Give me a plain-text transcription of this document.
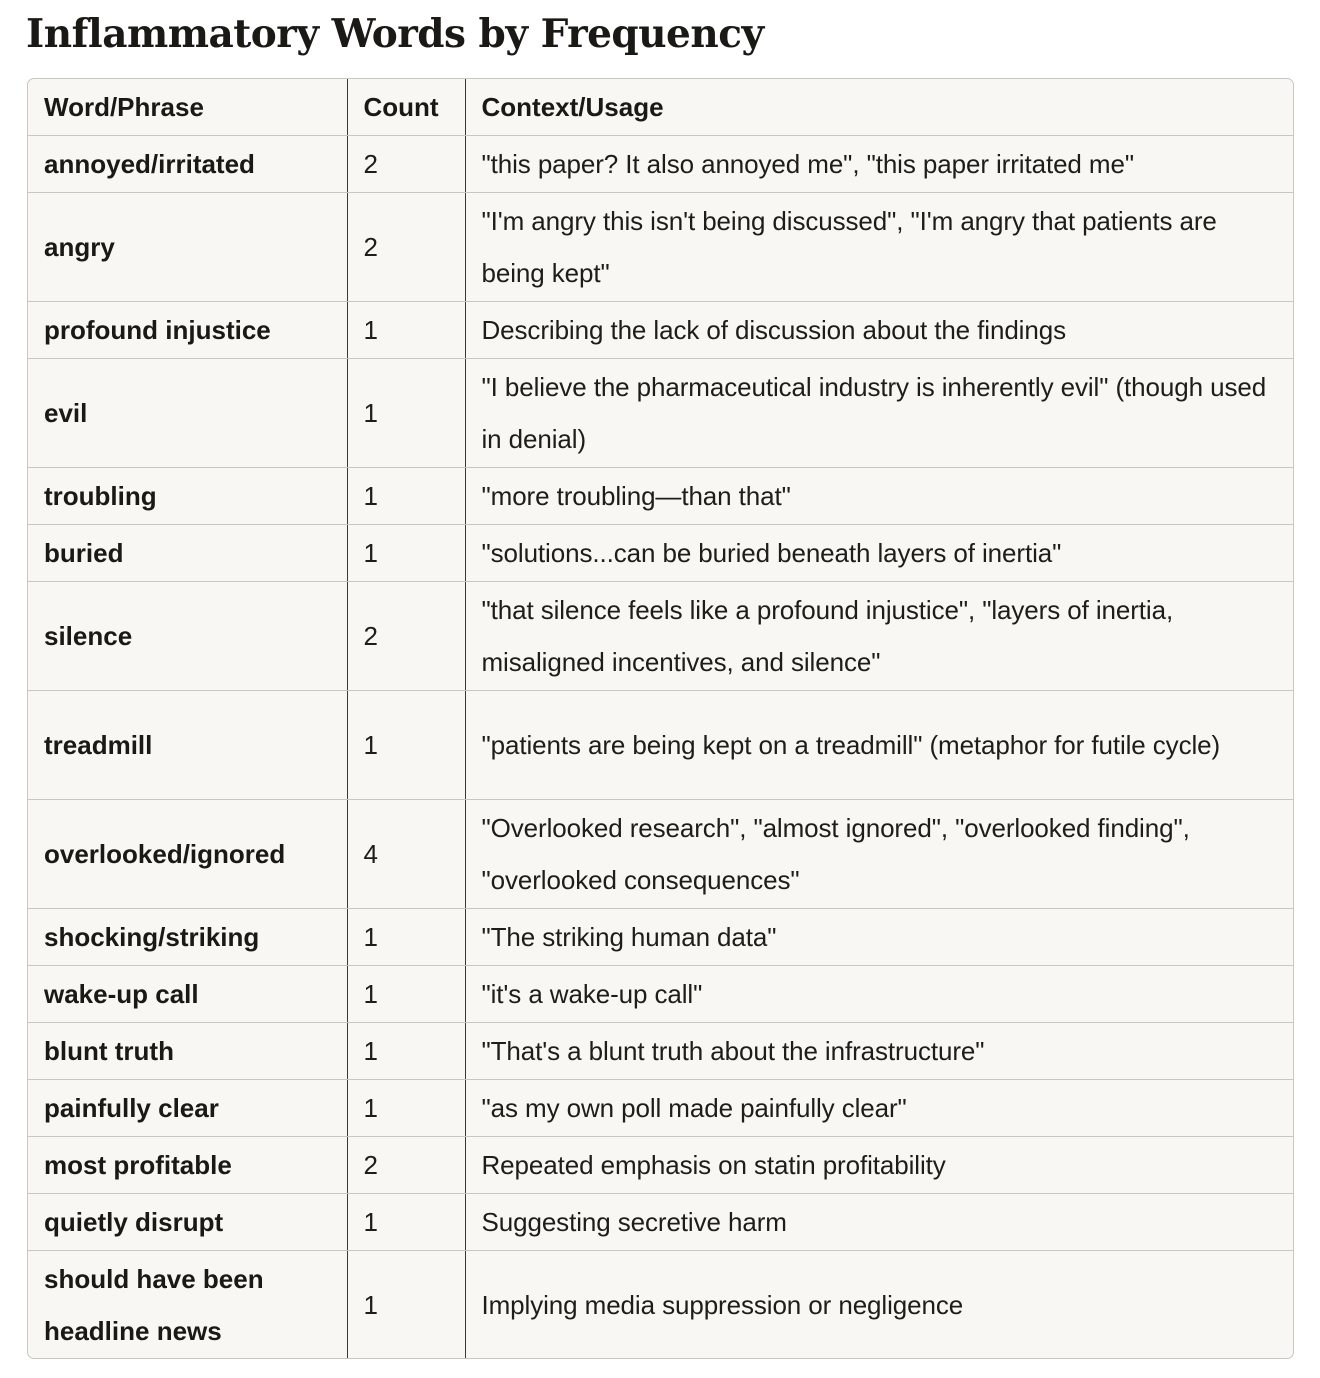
Inflammatory Words by Frequency
Word/Phrase	Count	Context/Usage
annoyed/irritated	2	"this paper? It also annoyed me", "this paper irritated me"
angry	2	"I'm angry this isn't being discussed", "I'm angry that patients are being kept"
profound injustice	1	Describing the lack of discussion about the findings
evil	1	"I believe the pharmaceutical industry is inherently evil" (though used in denial)
troubling	1	"more troubling—than that"
buried	1	"solutions...can be buried beneath layers of inertia"
silence	2	"that silence feels like a profound injustice", "layers of inertia, misaligned incentives, and silence"
treadmill	1	"patients are being kept on a treadmill" (metaphor for futile cycle)
overlooked/ignored	4	"Overlooked research", "almost ignored", "overlooked finding", "overlooked consequences"
shocking/striking	1	"The striking human data"
wake-up call	1	"it's a wake-up call"
blunt truth	1	"That's a blunt truth about the infrastructure"
painfully clear	1	"as my own poll made painfully clear"
most profitable	2	Repeated emphasis on statin profitability
quietly disrupt	1	Suggesting secretive harm
should have been headline news	1	Implying media suppression or negligence
